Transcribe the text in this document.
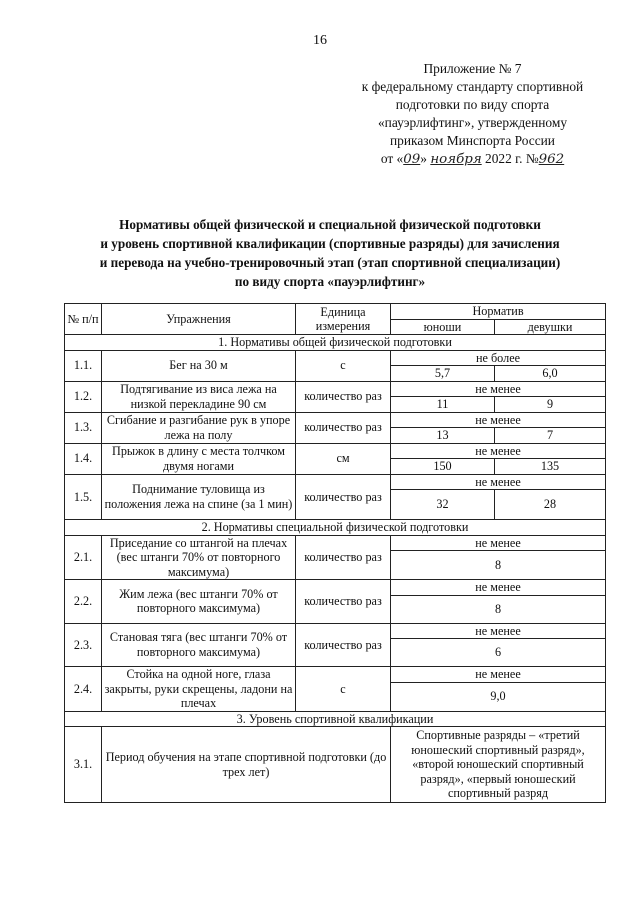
16
Приложение № 7
к федеральному стандарту спортивной
подготовки по виду спорта
«пауэрлифтинг», утвержденному
приказом Минспорта России
от «09» ноября 2022 г. №962
Нормативы общей физической и специальной физической подготовки
и уровень спортивной квалификации (спортивные разряды) для зачисления
и перевода на учебно-тренировочный этап (этап спортивной специализации)
по виду спорта «пауэрлифтинг»
№ п/п	Упражнения	Единица измерения	Норматив	
			юноши	девушки
1. Нормативы общей физической подготовки				
1.1.	Бег на 30 м	с	не более	
			5,7	6,0
1.2.	Подтягивание из виса лежа на низкой перекладине 90 см	количество раз	не менее	
			11	9
1.3.	Сгибание и разгибание рук в упоре лежа на полу	количество раз	не менее	
			13	7
1.4.	Прыжок в длину с места толчком двумя ногами	см	не менее	
			150	135
1.5.	Поднимание туловища из положения лежа на спине (за 1 мин)	количество раз	не менее	
			32	28
2. Нормативы специальной физической подготовки				
2.1.	Приседание со штангой на плечах (вес штанги 70% от повторного максимума)	количество раз	не менее	
			8	
2.2.	Жим лежа (вес штанги 70% от повторного максимума)	количество раз	не менее	
			8	
2.3.	Становая тяга (вес штанги 70% от повторного максимума)	количество раз	не менее	
			6	
2.4.	Стойка на одной ноге, глаза закрыты, руки скрещены, ладони на плечах	с	не менее	
			9,0	
3. Уровень спортивной квалификации				
3.1.	Период обучения на этапе спортивной подготовки (до трех лет)		Спортивные разряды – «третий юношеский спортивный разряд», «второй юношеский спортивный разряд», «первый юношеский спортивный разряд	
